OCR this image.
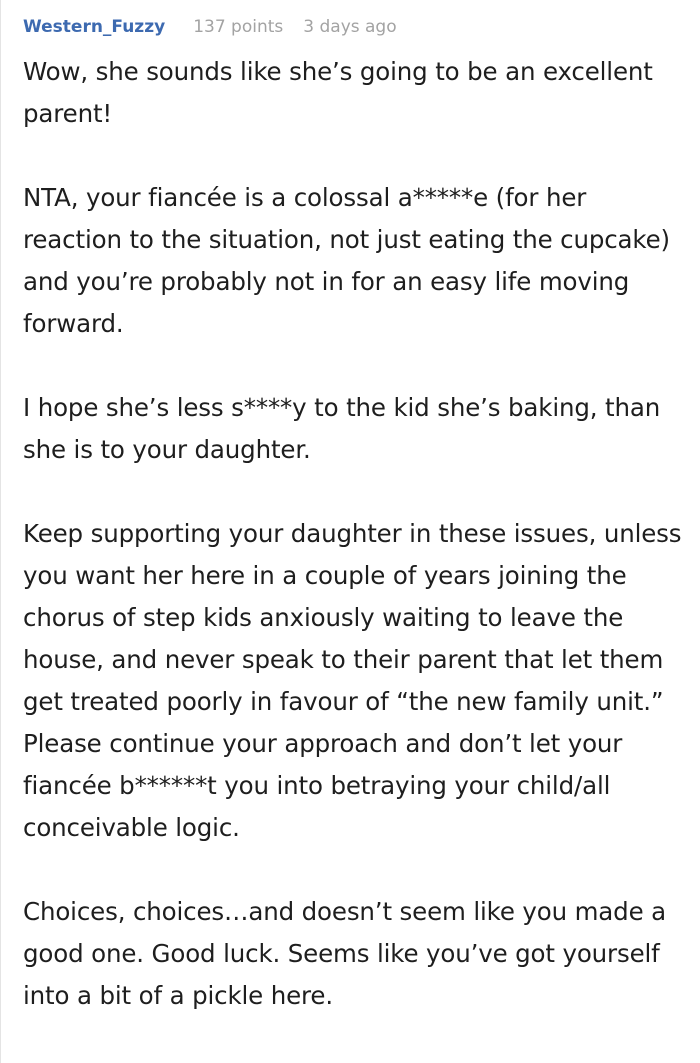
Western_Fuzzy 137 points 3 days ago

Wow, she sounds like she’s going to be an excellent parent!

NTA, your fiancée is a colossal a*****e (for her reaction to the situation, not just eating the cupcake) and you’re probably not in for an easy life moving forward.

I hope she’s less s****y to the kid she’s baking, than she is to your daughter.

Keep supporting your daughter in these issues, unless you want her here in a couple of years joining the chorus of step kids anxiously waiting to leave the house, and never speak to their parent that let them get treated poorly in favour of “the new family unit.” Please continue your approach and don’t let your fiancée b******t you into betraying your child/all conceivable logic.

Choices, choices…and doesn’t seem like you made a good one. Good luck. Seems like you’ve got yourself into a bit of a pickle here.
